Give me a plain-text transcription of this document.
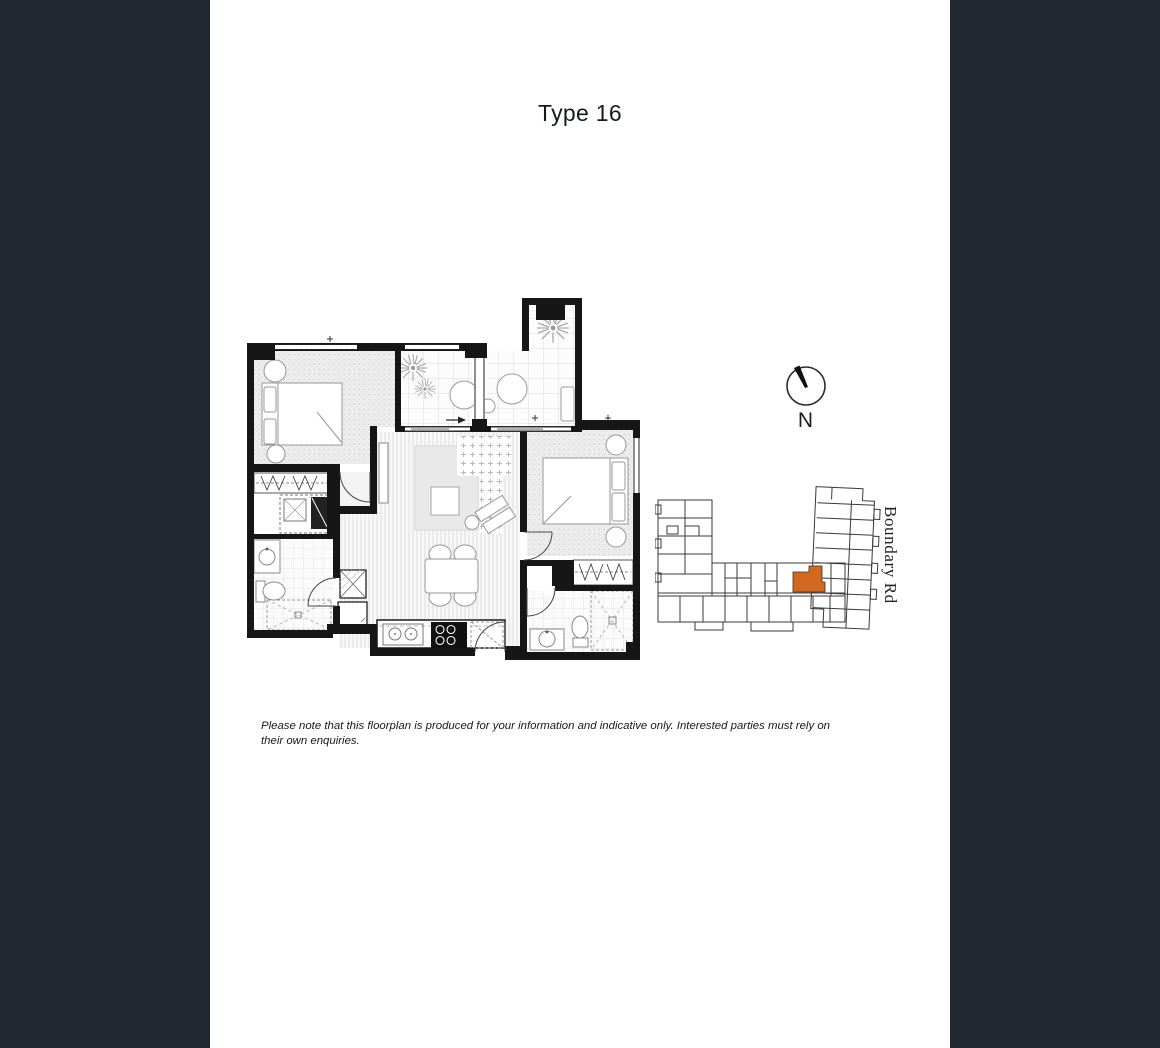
Type 16
N
Boundary Rd
Please note that this floorplan is produced for your information and indicative only. Interested parties must rely on their own enquiries.
